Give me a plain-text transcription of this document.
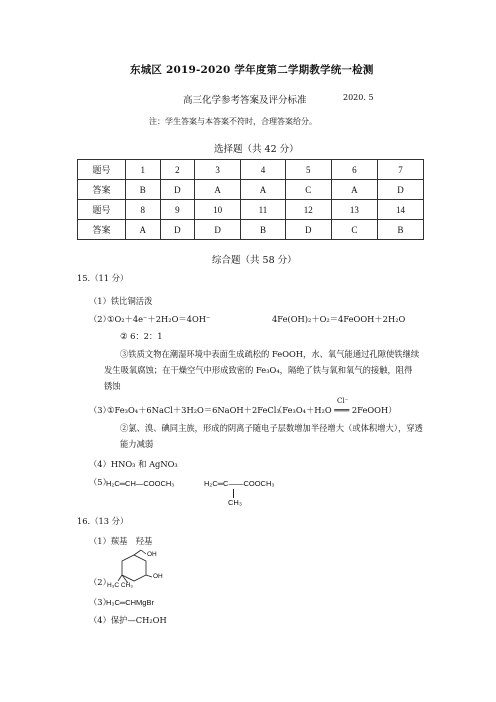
东城区 2019-2020 学年度第二学期教学统一检测
高三化学参考答案及评分标准	2020. 5
注：学生答案与本答案不符时，合理答案给分。
选择题（共 42 分）
题号	1	2	3	4	5	6	7
答案	B	D	A	A	C	A	D
题号	8	9	10	11	12	13	14
答案	A	D	D	B	D	C	B
综合题（共 58 分）
15.（11 分）
（1）铁比铜活泼
（2）
①O₂＋4e⁻＋2H₂O＝4OH⁻	4Fe(OH)₂＋O₂＝4FeOOH＋2H₂O
② 6：2：1
③铁质文物在潮湿环境中表面生成疏松的 FeOOH，水、氧气能通过孔隙使铁继续
发生吸氧腐蚀；在干燥空气中形成致密的 Fe₃O₄，隔绝了铁与氧和氧气的接触，阻得
锈蚀
（3）
①Fe₃O₄＋6NaCl＋3H₂O＝6NaOH＋2FeCl₃
Cl⁻
（Fe₃O₄＋H₂O ═══ 2FeOOH）
②氯、溴、碘同主族，形成的阴离子随电子层数增加半径增大（或体积增大），穿透
能力减弱
（4）HNO₃ 和 AgNO₃
（5）
H₂C═CH—COOCH₃	H₂C═C——COOCH₃
CH₃
16.（13 分）
（1）羰基　羟基
（2）
OH
OH
H₃C CH₃
（3）
H₃C═CHMgBr
（4）保护—CH₂OH
